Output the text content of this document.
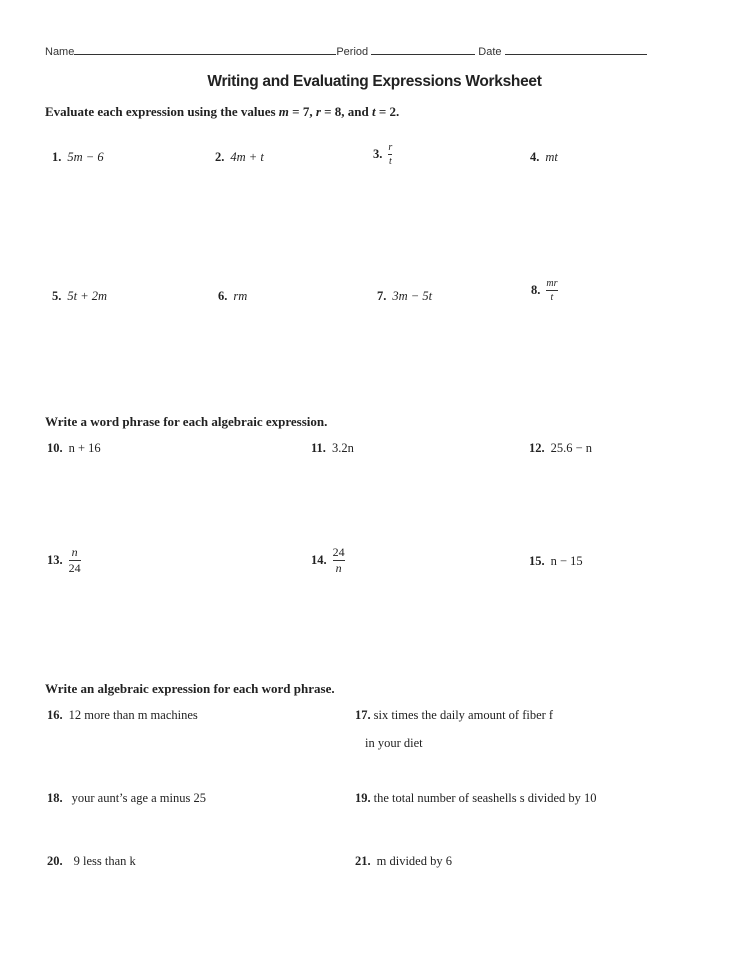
Name	Period	Date
Writing and Evaluating Expressions Worksheet
Evaluate each expression using the values m = 7, r = 8, and t = 2.
1. 5m − 6	2. 4m + t	3. $\frac{r}{t}$	4. mt
5. 5t + 2m	6. rm	7. 3m − 5t	8. $\frac{mr}{t}$
Write a word phrase for each algebraic expression.
10. n + 16	11. 3.2n	12. 25.6 − n
13. $\frac{n}{24}$	14. $\frac{24}{n}$	15. n − 15
Write an algebraic expression for each word phrase.
16. 12 more than m machines	17. six times the daily amount of fiber f
in your diet
18. your aunt’s age a minus 25	19. the total number of seashells s divided by 10
20. 9 less than k	21. m divided by 6
